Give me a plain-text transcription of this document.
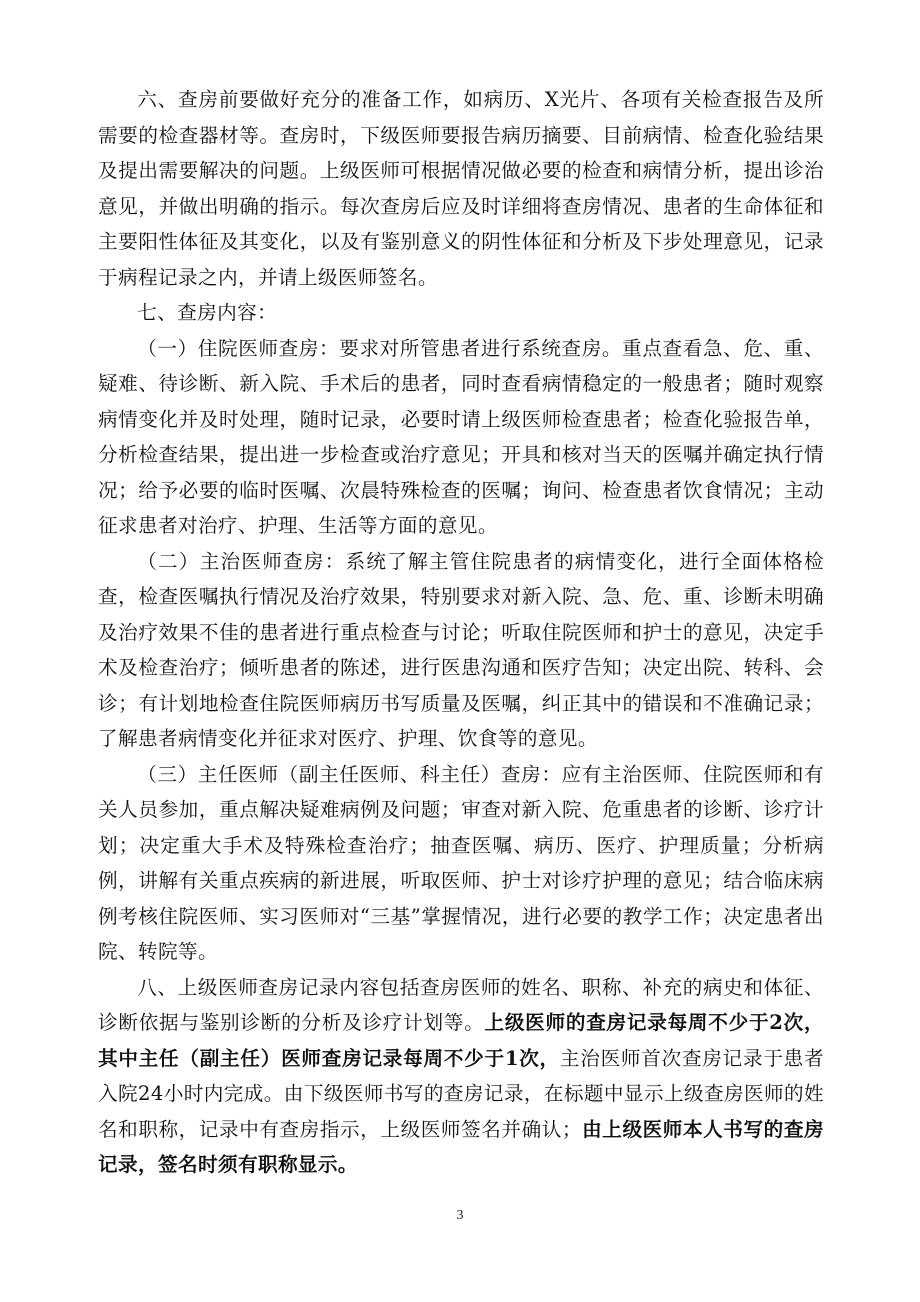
六、查房前要做好充分的准备工作，如病历、X光片、各项有关检查报告及所需要的检查器材等。查房时，下级医师要报告病历摘要、目前病情、检查化验结果及提出需要解决的问题。上级医师可根据情况做必要的检查和病情分析，提出诊治意见，并做出明确的指示。每次查房后应及时详细将查房情况、患者的生命体征和主要阳性体征及其变化，以及有鉴别意义的阴性体征和分析及下步处理意见，记录于病程记录之内，并请上级医师签名。

七、查房内容：

（一）住院医师查房：要求对所管患者进行系统查房。重点查看急、危、重、疑难、待诊断、新入院、手术后的患者，同时查看病情稳定的一般患者；随时观察病情变化并及时处理，随时记录，必要时请上级医师检查患者；检查化验报告单，分析检查结果，提出进一步检查或治疗意见；开具和核对当天的医嘱并确定执行情况；给予必要的临时医嘱、次晨特殊检查的医嘱；询问、检查患者饮食情况；主动征求患者对治疗、护理、生活等方面的意见。

（二）主治医师查房：系统了解主管住院患者的病情变化，进行全面体格检查，检查医嘱执行情况及治疗效果，特别要求对新入院、急、危、重、诊断未明确及治疗效果不佳的患者进行重点检查与讨论；听取住院医师和护士的意见，决定手术及检查治疗；倾听患者的陈述，进行医患沟通和医疗告知；决定出院、转科、会诊；有计划地检查住院医师病历书写质量及医嘱，纠正其中的错误和不准确记录；了解患者病情变化并征求对医疗、护理、饮食等的意见。

（三）主任医师（副主任医师、科主任）查房：应有主治医师、住院医师和有关人员参加，重点解决疑难病例及问题；审查对新入院、危重患者的诊断、诊疗计划；决定重大手术及特殊检查治疗；抽查医嘱、病历、医疗、护理质量；分析病例，讲解有关重点疾病的新进展，听取医师、护士对诊疗护理的意见；结合临床病例考核住院医师、实习医师对“三基”掌握情况，进行必要的教学工作；决定患者出院、转院等。

八、上级医师查房记录内容包括查房医师的姓名、职称、补充的病史和体征、诊断依据与鉴别诊断的分析及诊疗计划等。上级医师的查房记录每周不少于2次，其中主任（副主任）医师查房记录每周不少于1次，主治医师首次查房记录于患者入院24小时内完成。由下级医师书写的查房记录，在标题中显示上级查房医师的姓名和职称，记录中有查房指示，上级医师签名并确认；由上级医师本人书写的查房记录，签名时须有职称显示。

3
